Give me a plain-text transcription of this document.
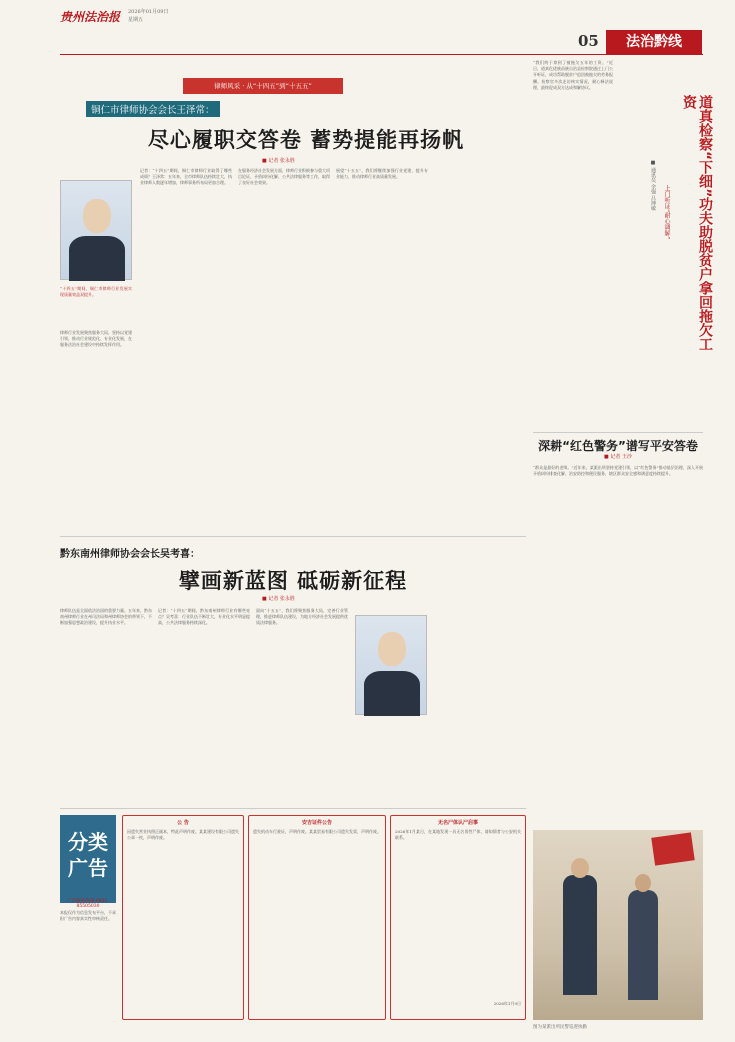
贵州法治报 2026年01月09日
星期五
05	法治黔线
律师风采 · 从“十四五”到“十五五”
铜仁市律师协会会长王泽常：
尽心履职交答卷 蓄势提能再扬帆
■ 记者 张永胜
“十四五”期间，铜仁市律师行业发展实现质量效益双提升。
律师行业发展聚焦服务大局，坚持以党建引领，推动行业规范化、专业化发展，在服务法治社会建设中持续发挥作用。
记者：“十四五”期间，铜仁市律师行业取得了哪些成绩？王泽常：五年来，全市律师队伍持续壮大，执业律师人数逐年增加，律师事务所布局更加合理。
在服务经济社会发展方面，律师行业积极参与重大项目论证、矛盾纠纷化解、公共法律服务等工作，取得了良好社会效果。
展望“十五五”，我们将继续加强行业党建，提升专业能力，推动律师行业高质量发展。
黔东南州律师协会会长吴考喜：
擘画新蓝图 砥砺新征程
■ 记者 张永胜
律师队伍是全面依法治国的重要力量。五年来，黔东南州律师行业在州司法局和州律师协会的带领下，不断加强思想政治建设，提升执业水平。
记者：“十四五”期间，黔东南州律师行业有哪些亮点？吴考喜：行业队伍不断壮大，专业化水平明显提高，公共法律服务持续深化。
面向“十五五”，我们将聚焦服务大局，完善行业管理，推进律师队伍建设，为地方经济社会发展提供优质法律服务。
“我们终于拿到了被拖欠五年的工资。”近日，道真仡佬族苗族自治县检察院通过上门公开听证，成功帮助脱贫户追回被拖欠的劳务报酬。检察官多次走访核实情况，耐心释法说理，最终促成双方达成和解协议。
道真检察“下细”功夫助脱贫户拿回拖欠工资
上门听证“耐心调解”
■ 通讯员 余强 吕坤敏
深耕“红色警务”谱写平安答卷
■ 记者 王沙
“群众是最好的老师。”近年来，某派出所坚持党建引领，以“红色警务”推动基层治理，深入开展矛盾纠纷排查化解、治安防控和便民服务，辖区群众安全感和满意度持续提升。
图为某派出所民警巡逻执勤
分类广告
广告服务热线 0851-85505030
本报仅作为信息发布平台，不承担广告内容真实性审核责任。
公 告
因遗失营业执照正副本，特此声明作废。某某建设有限公司遗失公章一枚，声明作废。
安吉证件公告
遗失机动车行驶证，声明作废。某某贸易有限公司遗失发票，声明作废。
无名尸体认尸启事
2026年1月某日，在某地发现一具无名男性尸体，请知情者与公安机关联系。
2026年1月9日
